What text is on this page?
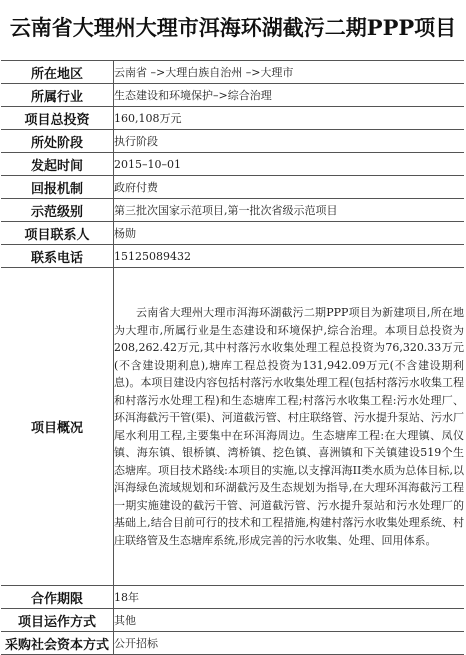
云南省大理州大理市洱海环湖截污二期PPP项目
所在地区	云南省 –>大理白族自治州 –>大理市
所属行业	生态建设和环境保护–>综合治理
项目总投资	160,108万元
所处阶段	执行阶段
发起时间	2015–10–01
回报机制	政府付费
示范级别	第三批次国家示范项目,第一批次省级示范项目
项目联系人	杨勋
联系电话	15125089432
项目概况	云南省大理州大理市洱海环湖截污二期PPP项目为新建项目,所在地为大理市,所属行业是生态建设和环境保护,综合治理。本项目总投资为208,262.42万元,其中村落污水收集处理工程总投资为76,320.33万元(不含建设期利息),塘库工程总投资为131,942.09万元(不含建设期利息)。本项目建设内容包括村落污水收集处理工程(包括村落污水收集工程和村落污水处理工程)和生态塘库工程;村落污水收集工程:污水处理厂、环洱海截污干管(渠)、河道截污管、村庄联络管、污水提升泵站、污水厂尾水利用工程,主要集中在环洱海周边。生态塘库工程:在大理镇、凤仪镇、海东镇、银桥镇、湾桥镇、挖色镇、喜洲镇和下关镇建设519个生态塘库。项目技术路线:本项目的实施,以支撑洱海II类水质为总体目标,以洱海绿色流域规划和环湖截污及生态规划为指导,在大理环洱海截污工程一期实施建设的截污干管、河道截污管、污水提升泵站和污水处理厂的基础上,结合目前可行的技术和工程措施,构建村落污水收集处理系统、村庄联络管及生态塘库系统,形成完善的污水收集、处理、回用体系。

合作期限	18年
项目运作方式	其他
采购社会资本方式	公开招标
